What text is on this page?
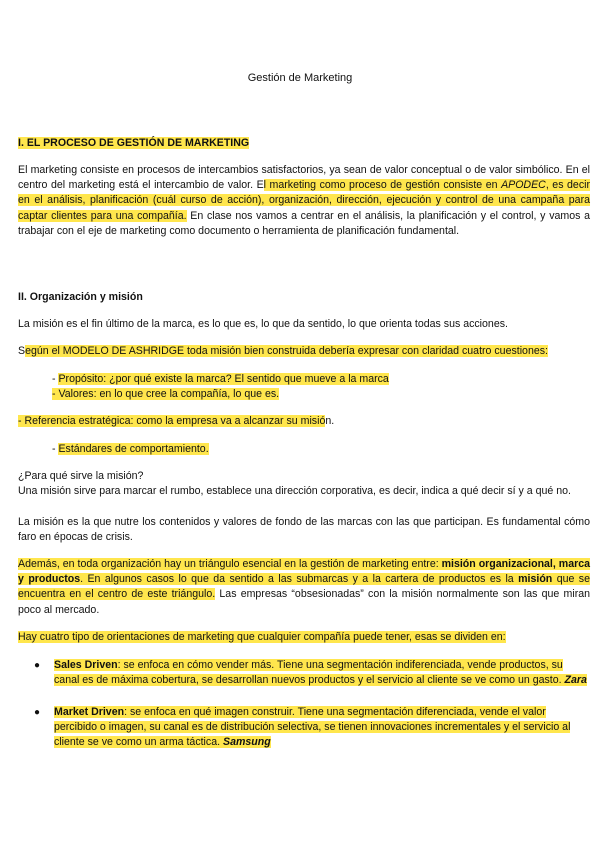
Gestión de Marketing
I. EL PROCESO DE GESTIÓN DE MARKETING
El marketing consiste en procesos de intercambios satisfactorios, ya sean de valor conceptual o de valor simbólico. En el centro del marketing está el intercambio de valor. El marketing como proceso de gestión consiste en APODEC, es decir en el análisis, planificación (cuál curso de acción), organización, dirección, ejecución y control de una campaña para captar clientes para una compañía. En clase nos vamos a centrar en el análisis, la planificación y el control, y vamos a trabajar con el eje de marketing como documento o herramienta de planificación fundamental.
II. Organización y misión
La misión es el fin último de la marca, es lo que es, lo que da sentido, lo que orienta todas sus acciones.
Según el MODELO DE ASHRIDGE toda misión bien construida debería expresar con claridad cuatro cuestiones:
- Propósito: ¿por qué existe la marca? El sentido que mueve a la marca
- Valores: en lo que cree la compañía, lo que es.
- Referencia estratégica: como la empresa va a alcanzar su misión.
- Estándares de comportamiento.
¿Para qué sirve la misión?
Una misión sirve para marcar el rumbo, establece una dirección corporativa, es decir, indica a qué decir sí y a qué no.
La misión es la que nutre los contenidos y valores de fondo de las marcas con las que participan. Es fundamental cómo faro en épocas de crisis.
Además, en toda organización hay un triángulo esencial en la gestión de marketing entre: misión organizacional, marca y productos. En algunos casos lo que da sentido a las submarcas y a la cartera de productos es la misión que se encuentra en el centro de este triángulo. Las empresas “obsesionadas” con la misión normalmente son las que miran poco al mercado.
Hay cuatro tipo de orientaciones de marketing que cualquier compañía puede tener, esas se dividen en:
● Sales Driven: se enfoca en cómo vender más. Tiene una segmentación indiferenciada, vende productos, su canal es de máxima cobertura, se desarrollan nuevos productos y el servicio al cliente se ve como un gasto. Zara
● Market Driven: se enfoca en qué imagen construir. Tiene una segmentación diferenciada, vende el valor percibido o imagen, su canal es de distribución selectiva, se tienen innovaciones incrementales y el servicio al cliente se ve como un arma táctica. Samsung
